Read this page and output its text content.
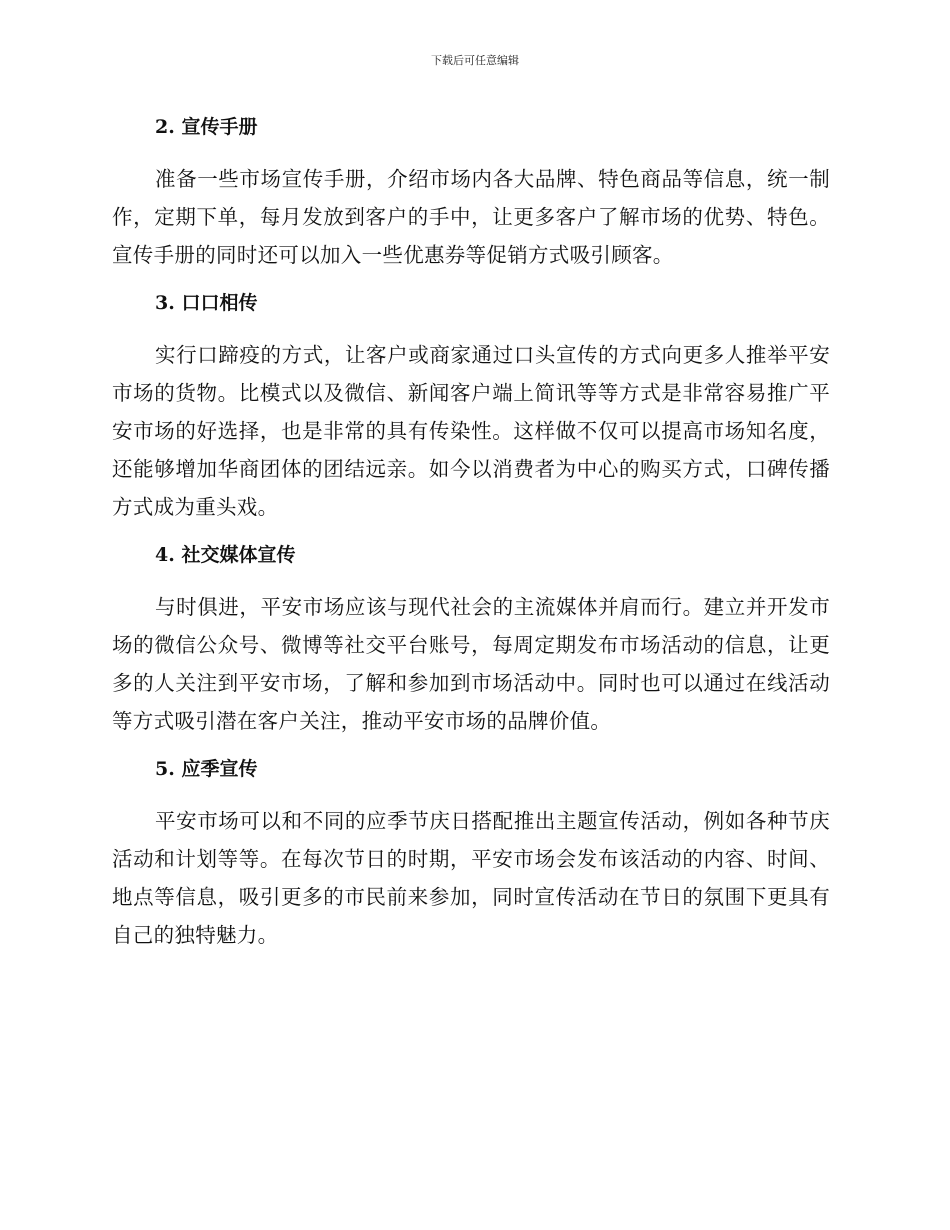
下载后可任意编辑
2. 宣传手册

准备一些市场宣传手册，介绍市场内各大品牌、特色商品等信息，统一制作，定期下单，每月发放到客户的手中，让更多客户了解市场的优势、特色。宣传手册的同时还可以加入一些优惠券等促销方式吸引顾客。

3. 口口相传

实行口蹄疫的方式，让客户或商家通过口头宣传的方式向更多人推举平安市场的货物。比模式以及微信、新闻客户端上简讯等等方式是非常容易推广平安市场的好选择，也是非常的具有传染性。这样做不仅可以提高市场知名度，还能够增加华商团体的团结远亲。如今以消费者为中心的购买方式，口碑传播方式成为重头戏。

4. 社交媒体宣传

与时俱进，平安市场应该与现代社会的主流媒体并肩而行。建立并开发市场的微信公众号、微博等社交平台账号，每周定期发布市场活动的信息，让更多的人关注到平安市场，了解和参加到市场活动中。同时也可以通过在线活动等方式吸引潜在客户关注，推动平安市场的品牌价值。

5. 应季宣传

平安市场可以和不同的应季节庆日搭配推出主题宣传活动，例如各种节庆活动和计划等等。在每次节日的时期，平安市场会发布该活动的内容、时间、地点等信息，吸引更多的市民前来参加，同时宣传活动在节日的氛围下更具有自己的独特魅力。
